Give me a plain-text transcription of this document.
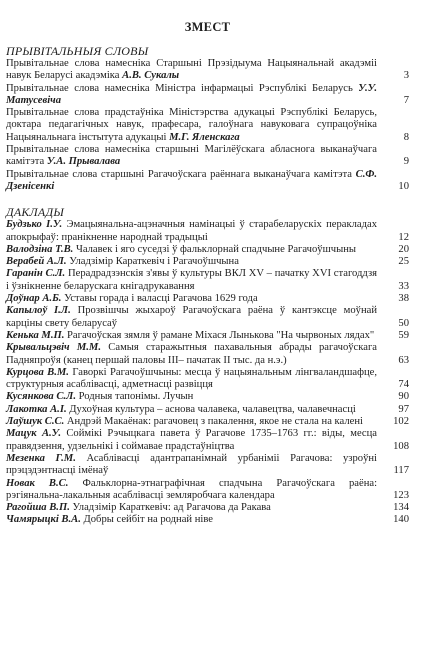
ЗМЕСТ
ПРЫВІТАЛЬНЫЯ СЛОВЫ
Прывітальнае слова намесніка Старшыні Прэзідыума Нацыянальнай акадэміі навук Беларусі акадэміка А.В. Сукалы	3
Прывітальнае слова намесніка Міністра інфармацыі Рэспублікі Беларусь У.У. Матусевіча	7
Прывітальнае слова прадстаўніка Міністэрства адукацыі Рэспублікі Беларусь, доктара педагагічных навук, прафесара, галоўнага навуковага супрацоўніка Нацыянальнага інстытута адукацыі М.Г. Яленскага	8
Прывітальнае слова намесніка старшыні Магілёўскага абласнога выканаўчага камітэта У.А. Прывалава	9
Прывітальнае слова старшыні Рагачоўскага раённага выканаўчага камітэта С.Ф. Дзенісенкі	10
ДАКЛАДЫ
Будзько І.У. Эмацыянальна-ацэначныя намінацыі ў старабеларускіх перакладах апокрыфаў: пранікненне народнай традыцыі	12
Валодзіна Т.В. Чалавек і яго суседзі ў фальклорнай спадчыне Рагачоўшчыны	20
Верабей А.Л. Уладзімір Караткевіч і Рагачоўшчына	25
Гаранін С.Л. Перадрадзэнскія з'явы ў культуры ВКЛ XV – пачатку XVI стагоддзя і ўзнікненне беларускага кнігадрукавання	33
Доўнар А.Б. Уставы горада і валасці Рагачова 1629 года	38
Капылоў І.Л. Прозвішчы жыхароў Рагачоўскага раёна ў кантэксце моўнай карціны свету беларусаў	50
Кенька М.П. Рагачоўская зямля ў рамане Міхася Лынькова "На чырвоных лядах"	59
Крывальцэвіч М.М. Самыя старажытныя пахавальныя абрады рагачоўскага Падняпроўя (канец першай паловы III– пачатак II тыс. да н.э.)	63
Курцова В.М. Гаворкі Рагачоўшчыны: месца ў нацыянальным лінгваландшафце, структурныя асаблівасці, адметнасці развіцця	74
Кусянкова С.Л. Родныя тапонімы. Лучын	90
Лакотка А.І. Духоўная культура – аснова чалавека, чалавецтва, чалавечнасці	97
Лаўшук С.С. Андрэй Макаёнак: рагачовец з пакалення, якое не стала на калені	102
Мацук А.У. Соймікі Рэчыцкага павета ў Рагачове 1735–1763 гг.: віды, месца правядзення, удзельнікі і соймавае прадстаўніцтва	108
Мезенка Г.М. Асаблівасці адантрапанімнай урбаніміі Рагачова: узроўні прэцэдэнтнасці імёнаў	117
Новак В.С. Фальклорна-этнаграфічная спадчына Рагачоўскага раёна: рэгіянальна-лакальныя асаблівасці земляробчага календара	123
Рагойша В.П. Уладзімір Караткевіч: ад Рагачова да Ракава	134
Чамярыцкі В.А. Добры сейбіт на роднай ніве	140
